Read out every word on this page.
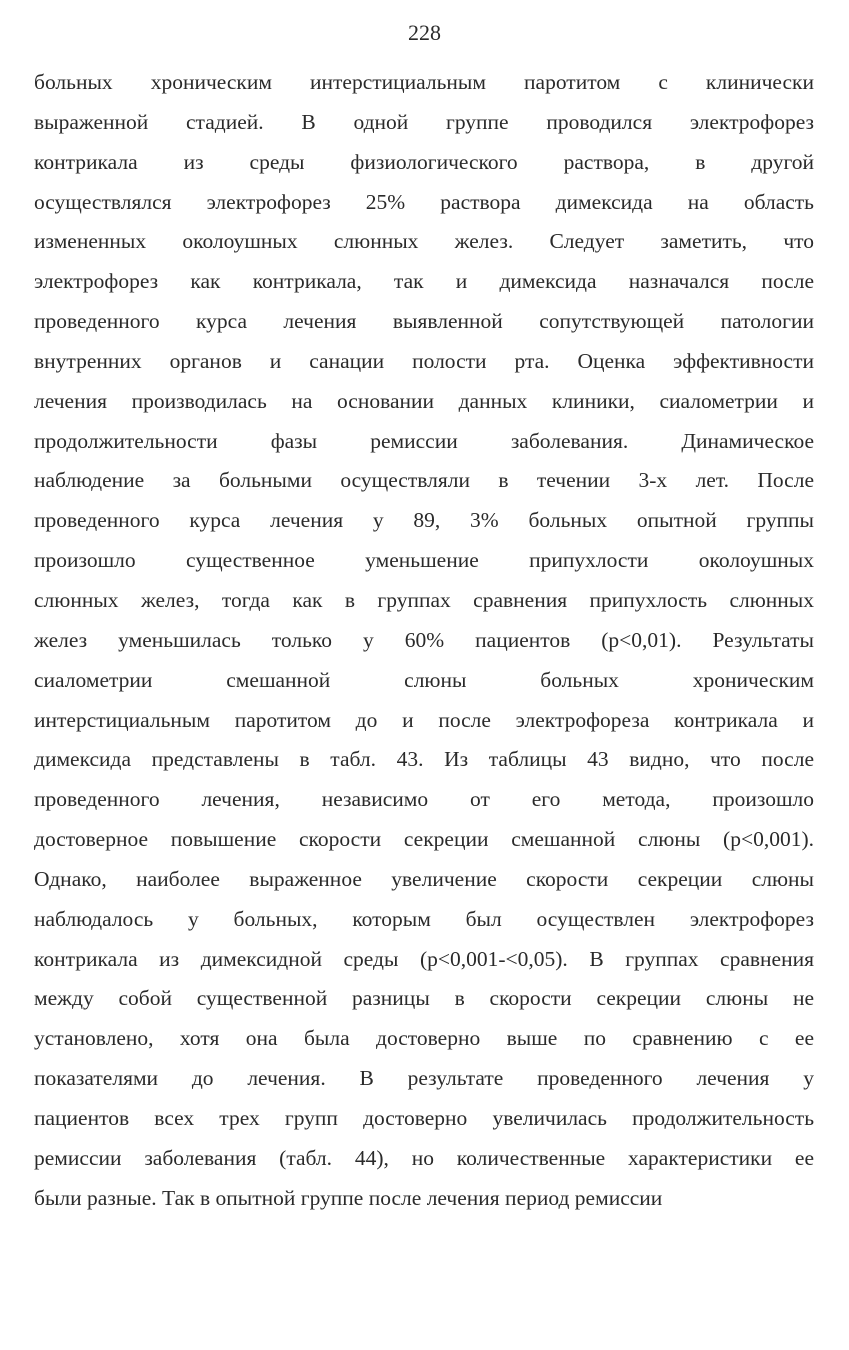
228
больных хроническим интерстициальным паротитом с клинически
выраженной стадией. В одной группе проводился электрофорез
контрикала из среды физиологического раствора, в другой
осуществлялся электрофорез 25% раствора димексида на область
измененных околоушных слюнных желез. Следует заметить, что
электрофорез как контрикала, так и димексида назначался после
проведенного курса лечения выявленной сопутствующей патологии
внутренних органов и санации полости рта. Оценка эффективности
лечения производилась на основании данных клиники, сиалометрии и
продолжительности фазы ремиссии заболевания. Динамическое
наблюдение за больными осуществляли в течении 3-х лет. После
проведенного курса лечения у 89, 3% больных опытной группы
произошло существенное уменьшение припухлости околоушных
слюнных желез, тогда как в группах сравнения припухлость слюнных
желез уменьшилась только у 60% пациентов (р<0,01). Результаты
сиалометрии смешанной слюны больных хроническим
интерстициальным паротитом до и после электрофореза контрикала и
димексида представлены в табл. 43. Из таблицы 43 видно, что после
проведенного лечения, независимо от его метода, произошло
достоверное повышение скорости секреции смешанной слюны (р<0,001).
Однако, наиболее выраженное увеличение скорости секреции слюны
наблюдалось у больных, которым был осуществлен электрофорез
контрикала из димексидной среды (р<0,001-<0,05). В группах сравнения
между собой существенной разницы в скорости секреции слюны не
установлено, хотя она была достоверно выше по сравнению с ее
показателями до лечения. В результате проведенного лечения у
пациентов всех трех групп достоверно увеличилась продолжительность
ремиссии заболевания (табл. 44), но количественные характеристики ее
были разные. Так в опытной группе после лечения период ремиссии
